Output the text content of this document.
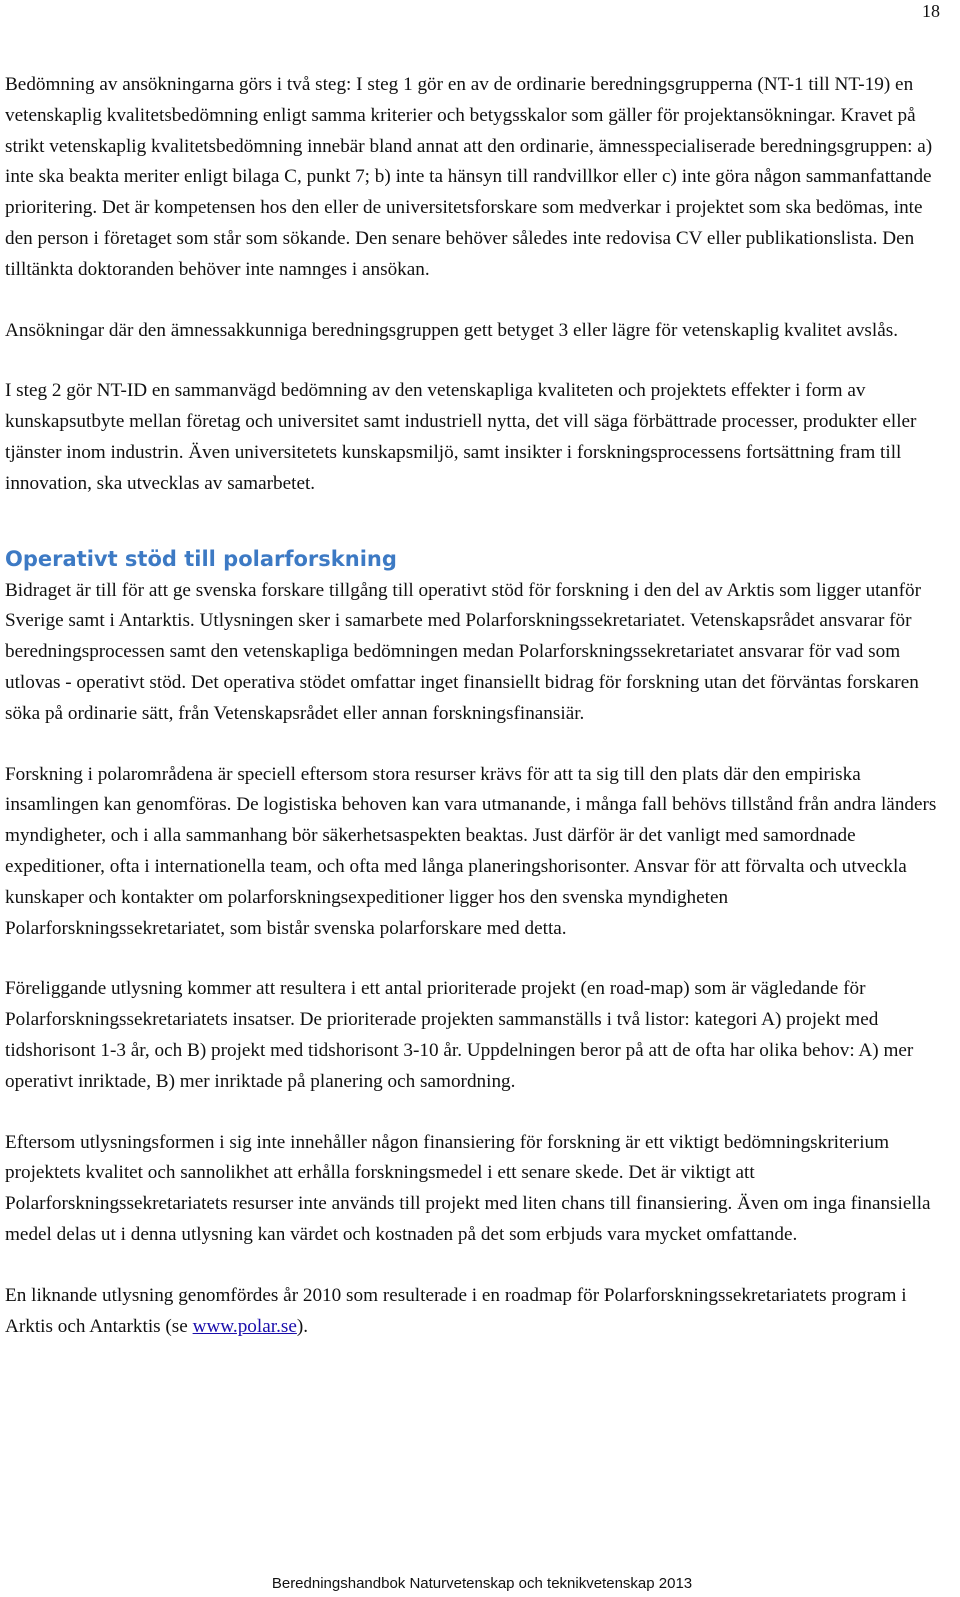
18

Bedömning av ansökningarna görs i två steg: I steg 1 gör en av de ordinarie beredningsgrupperna (NT-1 till NT-19) en vetenskaplig kvalitetsbedömning enligt samma kriterier och betygsskalor som gäller för projektansökningar. Kravet på strikt vetenskaplig kvalitetsbedömning innebär bland annat att den ordinarie, ämnesspecialiserade beredningsgruppen: a) inte ska beakta meriter enligt bilaga C, punkt 7; b) inte ta hänsyn till randvillkor eller c) inte göra någon sammanfattande prioritering. Det är kompetensen hos den eller de universitetsforskare som medverkar i projektet som ska bedömas, inte den person i företaget som står som sökande. Den senare behöver således inte redovisa CV eller publikationslista. Den tilltänkta doktoranden behöver inte namnges i ansökan.

Ansökningar där den ämnessakkunniga beredningsgruppen gett betyget 3 eller lägre för vetenskaplig kvalitet avslås.

I steg 2 gör NT-ID en sammanvägd bedömning av den vetenskapliga kvaliteten och projektets effekter i form av kunskapsutbyte mellan företag och universitet samt industriell nytta, det vill säga förbättrade processer, produkter eller tjänster inom industrin. Även universitetets kunskapsmiljö, samt insikter i forskningsprocessens fortsättning fram till innovation, ska utvecklas av samarbetet.

Operativt stöd till polarforskning

Bidraget är till för att ge svenska forskare tillgång till operativt stöd för forskning i den del av Arktis som ligger utanför Sverige samt i Antarktis. Utlysningen sker i samarbete med Polarforskningssekretariatet. Vetenskapsrådet ansvarar för beredningsprocessen samt den vetenskapliga bedömningen medan Polarforskningssekretariatet ansvarar för vad som utlovas - operativt stöd. Det operativa stödet omfattar inget finansiellt bidrag för forskning utan det förväntas forskaren söka på ordinarie sätt, från Vetenskapsrådet eller annan forskningsfinansiär.

Forskning i polarområdena är speciell eftersom stora resurser krävs för att ta sig till den plats där den empiriska insamlingen kan genomföras. De logistiska behoven kan vara utmanande, i många fall behövs tillstånd från andra länders myndigheter, och i alla sammanhang bör säkerhetsaspekten beaktas. Just därför är det vanligt med samordnade expeditioner, ofta i internationella team, och ofta med långa planeringshorisonter. Ansvar för att förvalta och utveckla kunskaper och kontakter om polarforskningsexpeditioner ligger hos den svenska myndigheten Polarforskningssekretariatet, som bistår svenska polarforskare med detta.

Föreliggande utlysning kommer att resultera i ett antal prioriterade projekt (en road-map) som är vägledande för Polarforskningssekretariatets insatser. De prioriterade projekten sammanställs i två listor: kategori A) projekt med tidshorisont 1-3 år, och B) projekt med tidshorisont 3-10 år. Uppdelningen beror på att de ofta har olika behov: A) mer operativt inriktade, B) mer inriktade på planering och samordning.

Eftersom utlysningsformen i sig inte innehåller någon finansiering för forskning är ett viktigt bedömningskriterium projektets kvalitet och sannolikhet att erhålla forskningsmedel i ett senare skede. Det är viktigt att Polarforskningssekretariatets resurser inte används till projekt med liten chans till finansiering. Även om inga finansiella medel delas ut i denna utlysning kan värdet och kostnaden på det som erbjuds vara mycket omfattande.

En liknande utlysning genomfördes år 2010 som resulterade i en roadmap för Polarforskningssekretariatets program i Arktis och Antarktis (se www.polar.se).

Beredningshandbok Naturvetenskap och teknikvetenskap 2013
